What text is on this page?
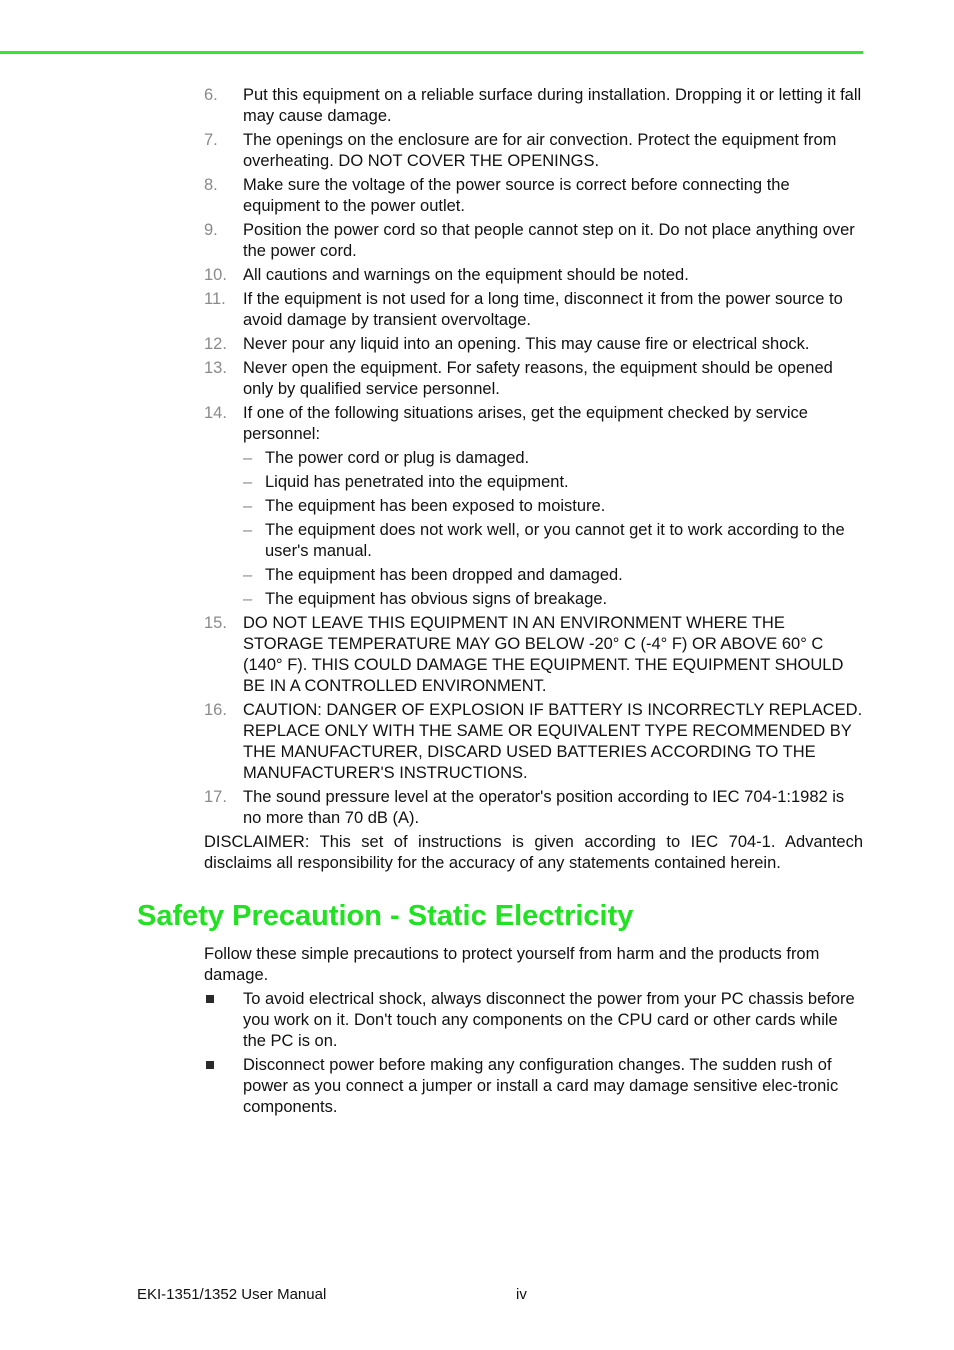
6. Put this equipment on a reliable surface during installation. Dropping it or letting it fall may cause damage.
7. The openings on the enclosure are for air convection. Protect the equipment from overheating. DO NOT COVER THE OPENINGS.
8. Make sure the voltage of the power source is correct before connecting the equipment to the power outlet.
9. Position the power cord so that people cannot step on it. Do not place anything over the power cord.
10. All cautions and warnings on the equipment should be noted.
11. If the equipment is not used for a long time, disconnect it from the power source to avoid damage by transient overvoltage.
12. Never pour any liquid into an opening. This may cause fire or electrical shock.
13. Never open the equipment. For safety reasons, the equipment should be opened only by qualified service personnel.
14. If one of the following situations arises, get the equipment checked by service personnel:
– The power cord or plug is damaged.
– Liquid has penetrated into the equipment.
– The equipment has been exposed to moisture.
– The equipment does not work well, or you cannot get it to work according to the user's manual.
– The equipment has been dropped and damaged.
– The equipment has obvious signs of breakage.
15. DO NOT LEAVE THIS EQUIPMENT IN AN ENVIRONMENT WHERE THE STORAGE TEMPERATURE MAY GO BELOW -20° C (-4° F) OR ABOVE 60° C (140° F). THIS COULD DAMAGE THE EQUIPMENT. THE EQUIPMENT SHOULD BE IN A CONTROLLED ENVIRONMENT.
16. CAUTION: DANGER OF EXPLOSION IF BATTERY IS INCORRECTLY REPLACED. REPLACE ONLY WITH THE SAME OR EQUIVALENT TYPE RECOMMENDED BY THE MANUFACTURER, DISCARD USED BATTERIES ACCORDING TO THE MANUFACTURER'S INSTRUCTIONS.
17. The sound pressure level at the operator's position according to IEC 704-1:1982 is no more than 70 dB (A).

DISCLAIMER: This set of instructions is given according to IEC 704-1. Advantech disclaims all responsibility for the accuracy of any statements contained herein.

Safety Precaution - Static Electricity

Follow these simple precautions to protect yourself from harm and the products from damage.

To avoid electrical shock, always disconnect the power from your PC chassis before you work on it. Don't touch any components on the CPU card or other cards while the PC is on.
Disconnect power before making any configuration changes. The sudden rush of power as you connect a jumper or install a card may damage sensitive elec-tronic components.
EKI-1351/1352 User Manual	iv
